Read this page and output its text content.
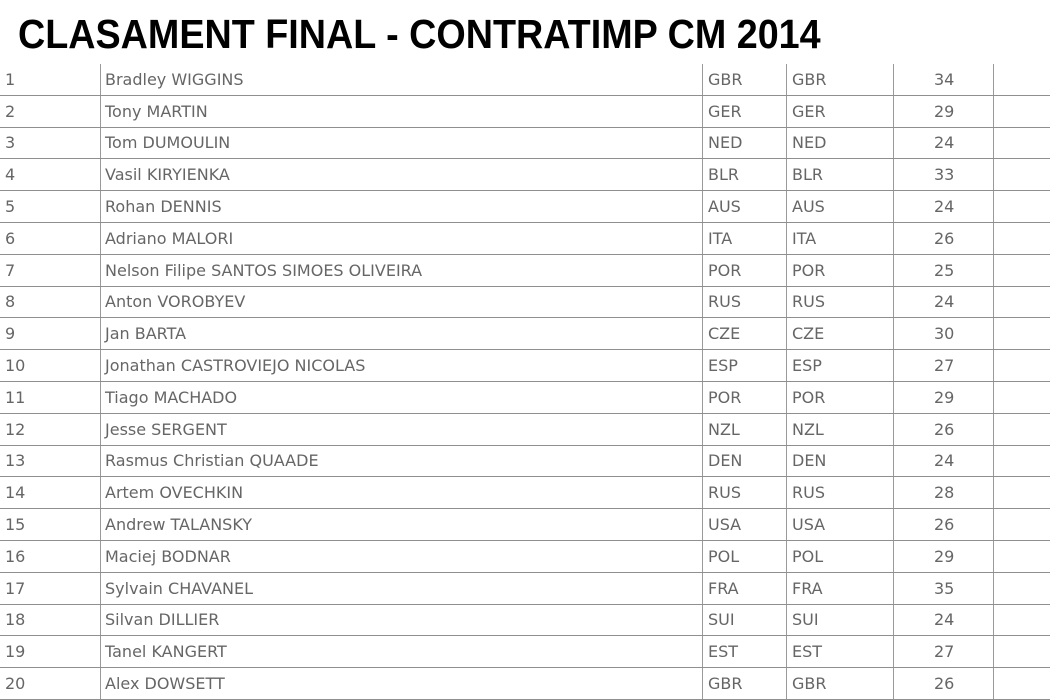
CLASAMENT FINAL - CONTRATIMP CM 2014
1	Bradley WIGGINS	GBR	GBR	34
2	Tony MARTIN	GER	GER	29
3	Tom DUMOULIN	NED	NED	24
4	Vasil KIRYIENKA	BLR	BLR	33
5	Rohan DENNIS	AUS	AUS	24
6	Adriano MALORI	ITA	ITA	26
7	Nelson Filipe SANTOS SIMOES OLIVEIRA	POR	POR	25
8	Anton VOROBYEV	RUS	RUS	24
9	Jan BARTA	CZE	CZE	30
10	Jonathan CASTROVIEJO NICOLAS	ESP	ESP	27
11	Tiago MACHADO	POR	POR	29
12	Jesse SERGENT	NZL	NZL	26
13	Rasmus Christian QUAADE	DEN	DEN	24
14	Artem OVECHKIN	RUS	RUS	28
15	Andrew TALANSKY	USA	USA	26
16	Maciej BODNAR	POL	POL	29
17	Sylvain CHAVANEL	FRA	FRA	35
18	Silvan DILLIER	SUI	SUI	24
19	Tanel KANGERT	EST	EST	27
20	Alex DOWSETT	GBR	GBR	26
